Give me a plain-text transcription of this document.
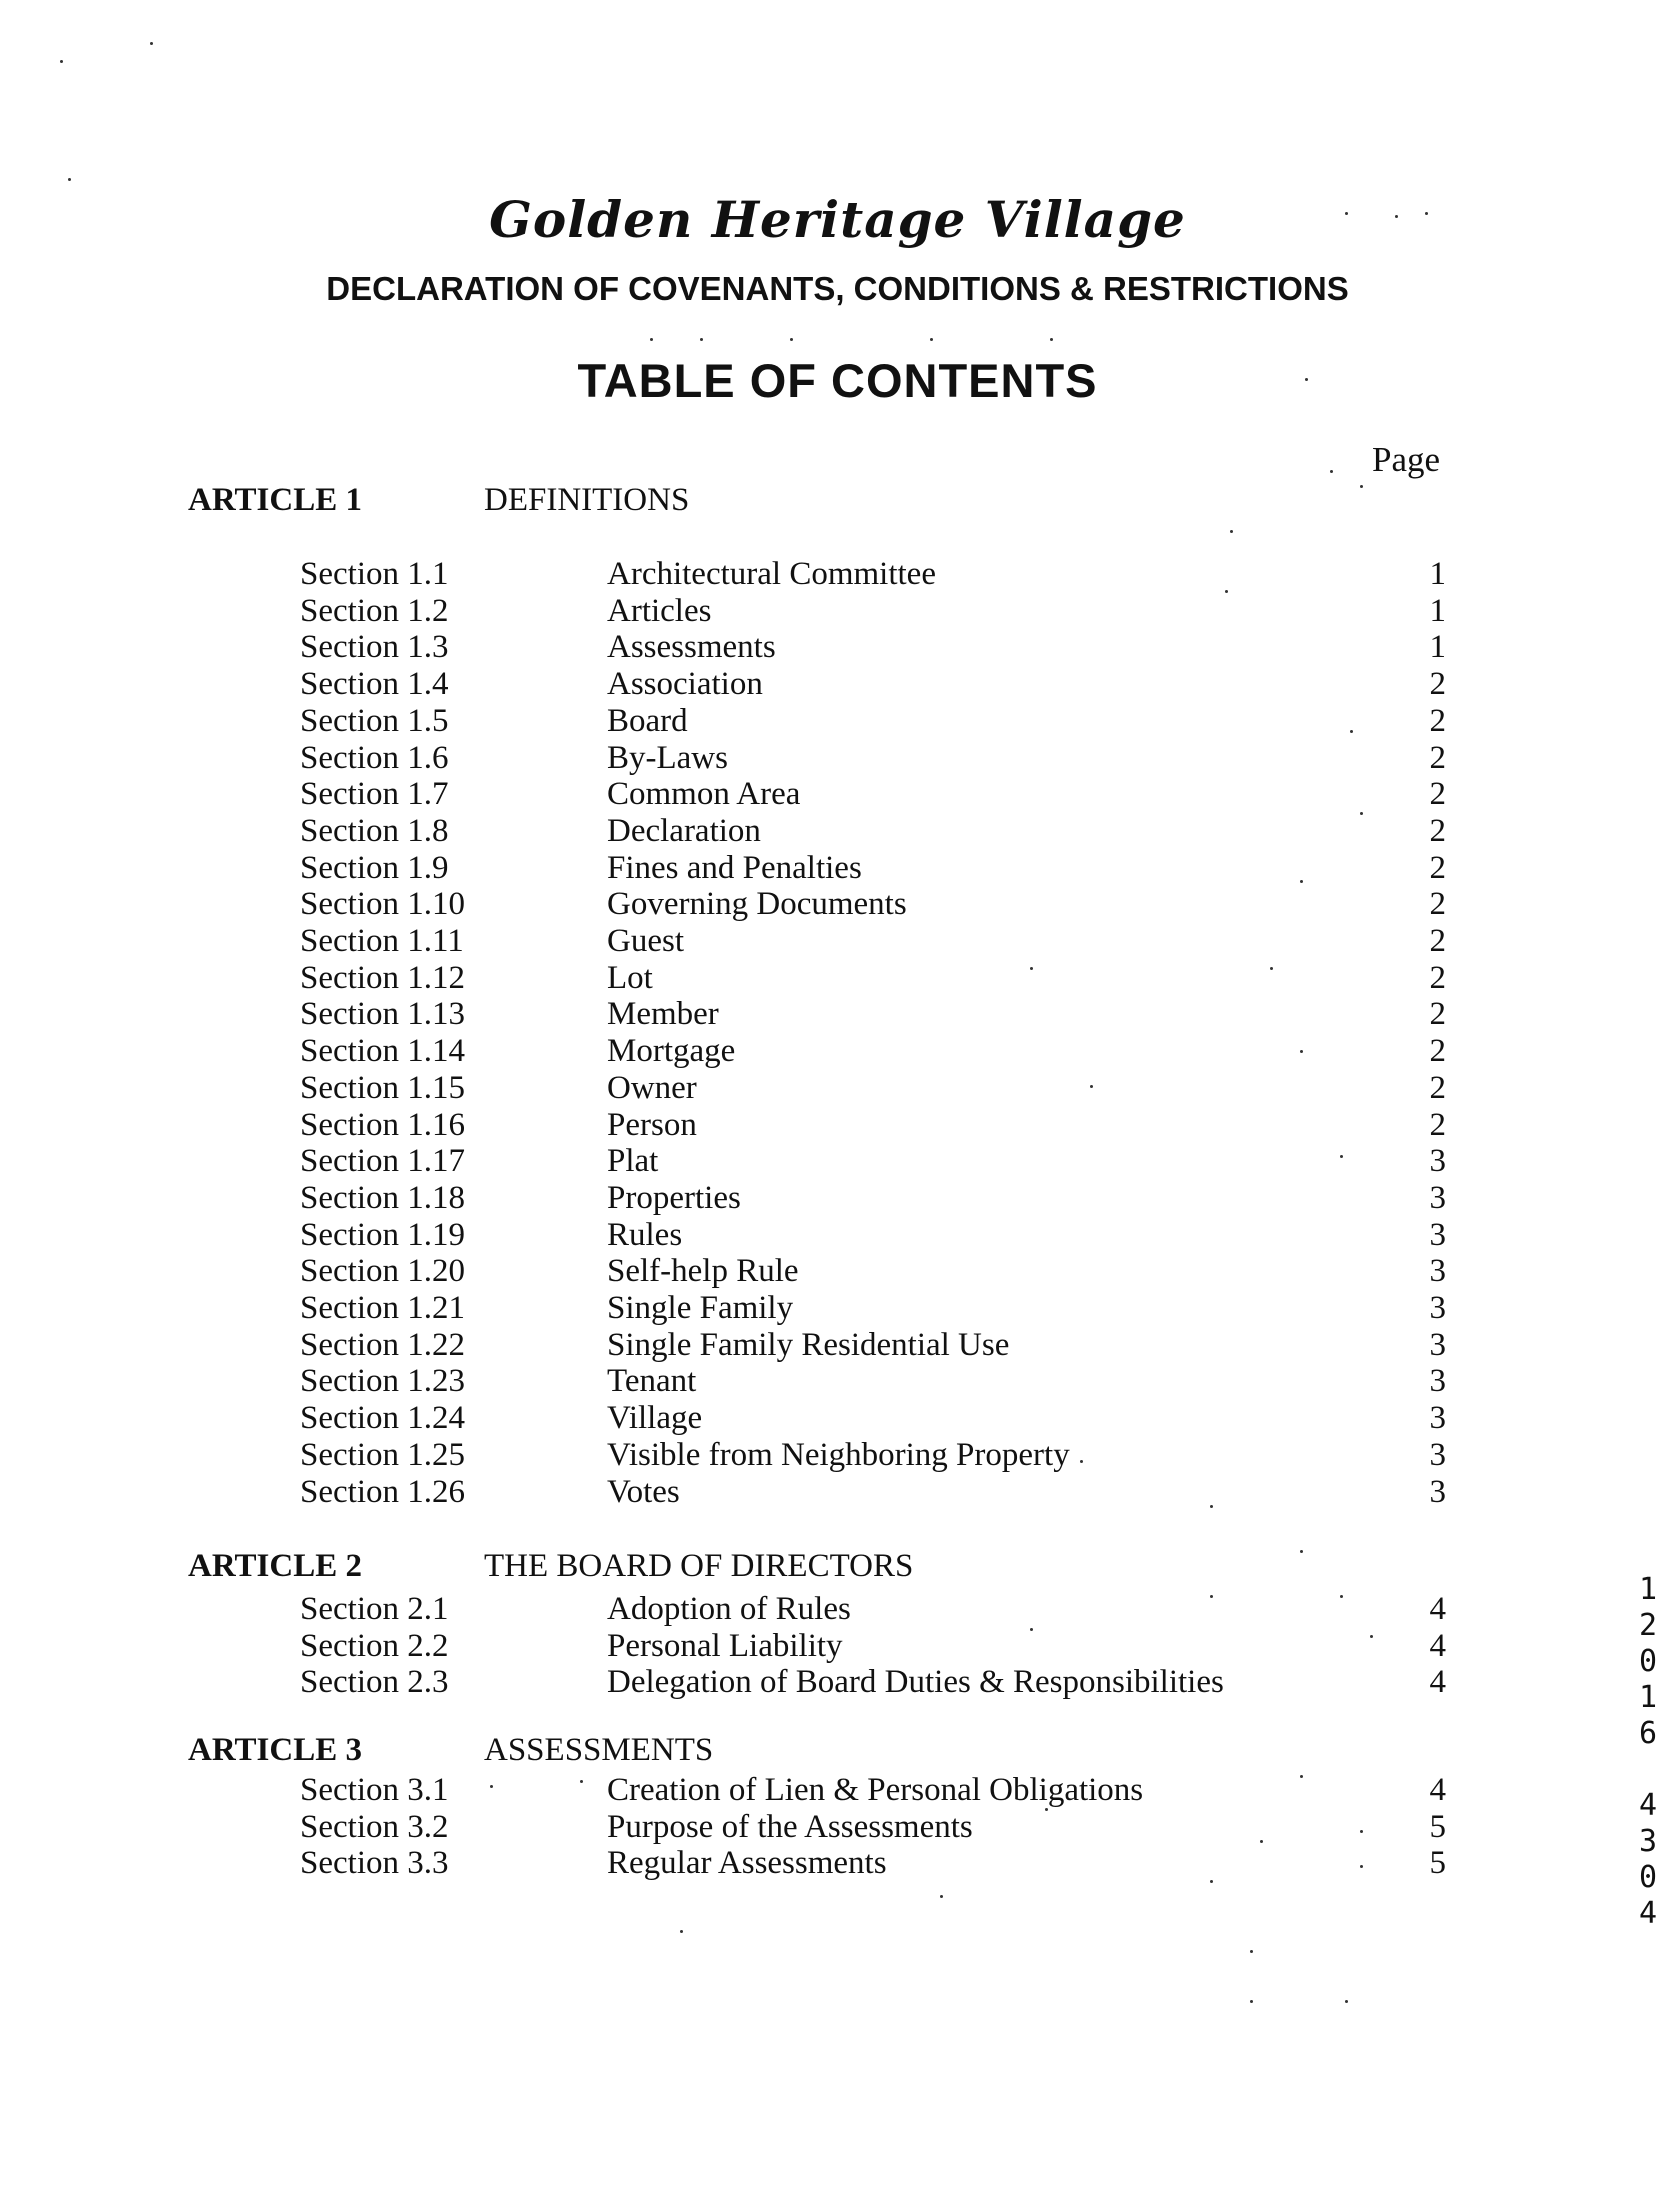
Golden Heritage Village
DECLARATION OF COVENANTS, CONDITIONS & RESTRICTIONS
TABLE OF CONTENTS
Page
ARTICLE 1	DEFINITIONS
Section 1.1	Architectural Committee	1
Section 1.2	Articles	1
Section 1.3	Assessments	1
Section 1.4	Association	2
Section 1.5	Board	2
Section 1.6	By-Laws	2
Section 1.7	Common Area	2
Section 1.8	Declaration	2
Section 1.9	Fines and Penalties	2
Section 1.10	Governing Documents	2
Section 1.11	Guest	2
Section 1.12	Lot	2
Section 1.13	Member	2
Section 1.14	Mortgage	2
Section 1.15	Owner	2
Section 1.16	Person	2
Section 1.17	Plat	3
Section 1.18	Properties	3
Section 1.19	Rules	3
Section 1.20	Self-help Rule	3
Section 1.21	Single Family	3
Section 1.22	Single Family Residential Use	3
Section 1.23	Tenant	3
Section 1.24	Village	3
Section 1.25	Visible from Neighboring Property	3
Section 1.26	Votes	3
ARTICLE 2	THE BOARD OF DIRECTORS
Section 2.1	Adoption of Rules	4
Section 2.2	Personal Liability	4
Section 2.3	Delegation of Board Duties & Responsibilities	4
ARTICLE 3	ASSESSMENTS
Section 3.1	Creation of Lien & Personal Obligations	4
Section 3.2	Purpose of the Assessments	5
Section 3.3	Regular Assessments	5
1
2
0
1
6
4
3
0
4
